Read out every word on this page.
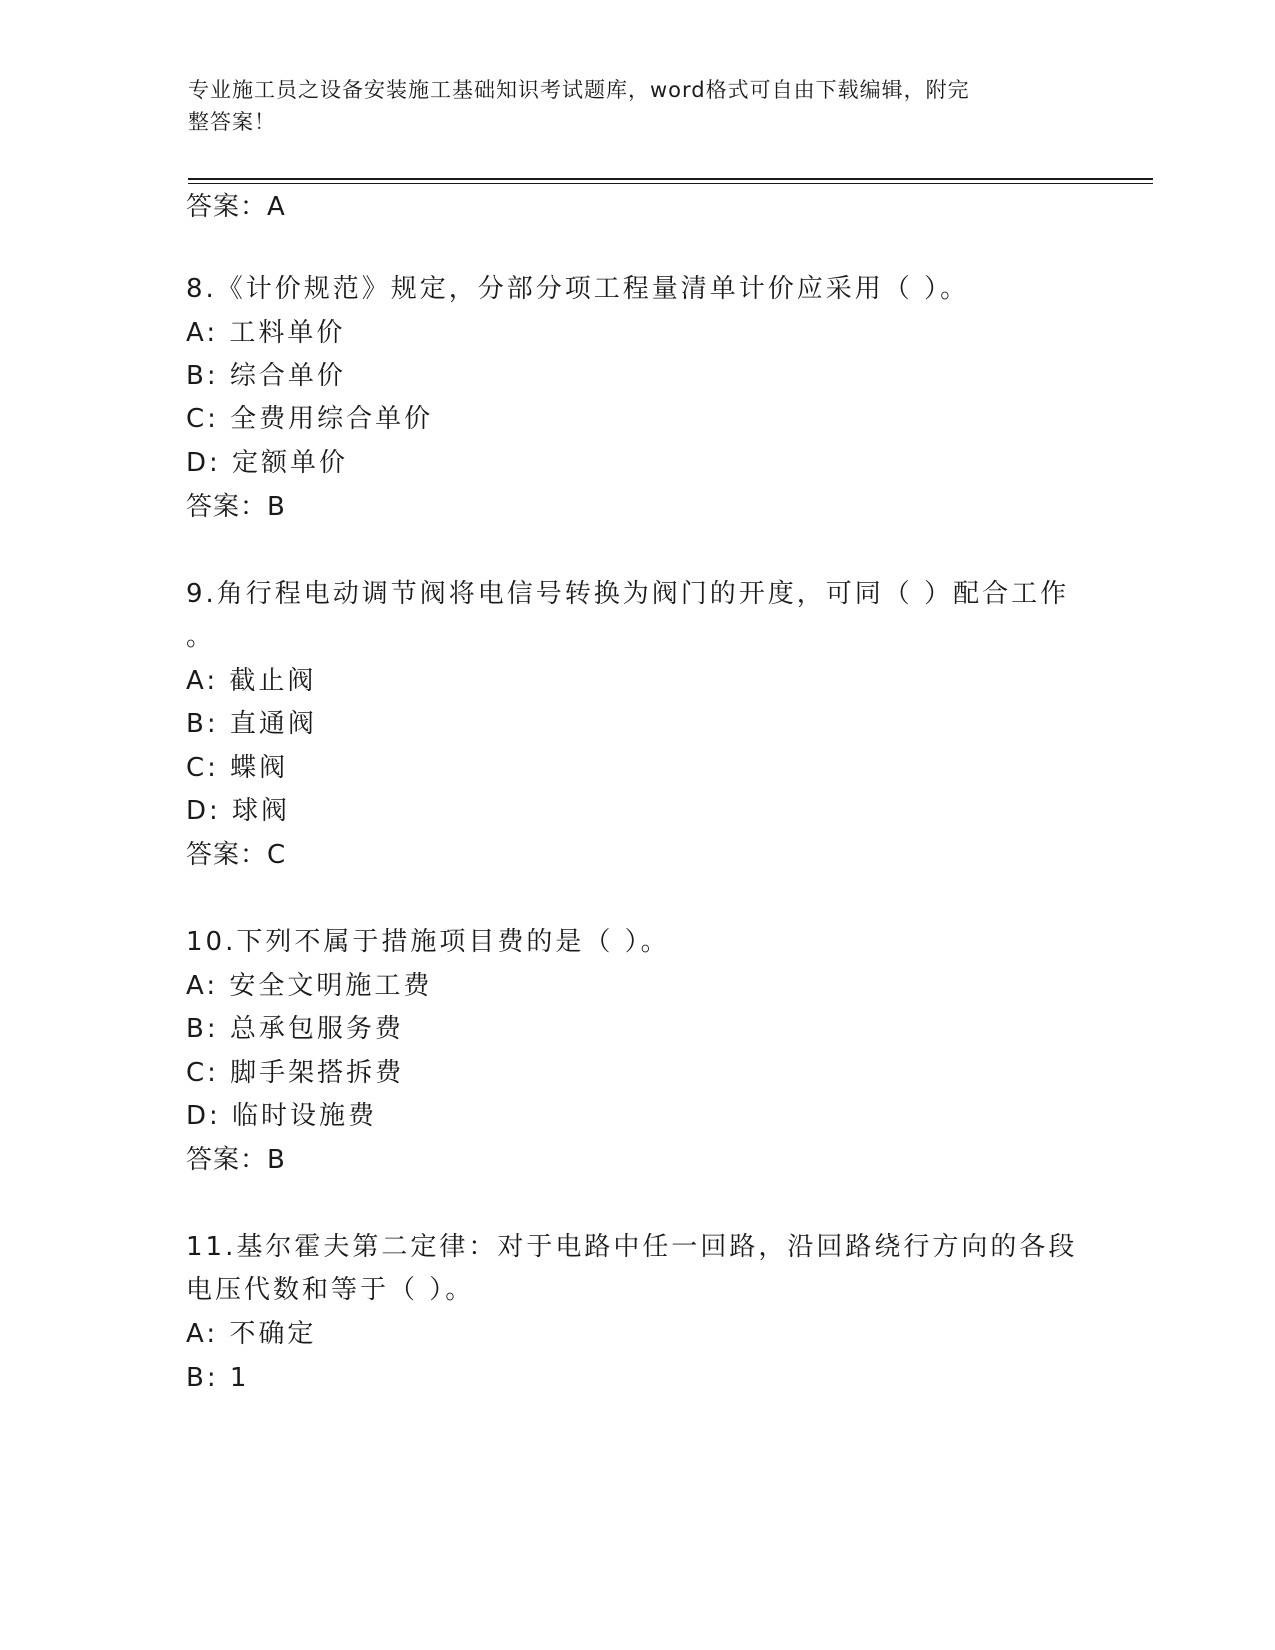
专业施工员之设备安装施工基础知识考试题库，word格式可自由下载编辑，附完
整答案！
答案：A
8.《计价规范》规定，分部分项工程量清单计价应采用（ ）。
A: 工料单价
B: 综合单价
C: 全费用综合单价
D: 定额单价
答案：B
9.角行程电动调节阀将电信号转换为阀门的开度，可同（ ）配合工作
。
A: 截止阀
B: 直通阀
C: 蝶阀
D: 球阀
答案：C
10.下列不属于措施项目费的是（ ）。
A: 安全文明施工费
B: 总承包服务费
C: 脚手架搭拆费
D: 临时设施费
答案：B
11.基尔霍夫第二定律：对于电路中任一回路，沿回路绕行方向的各段
电压代数和等于（ ）。
A: 不确定
B: 1
